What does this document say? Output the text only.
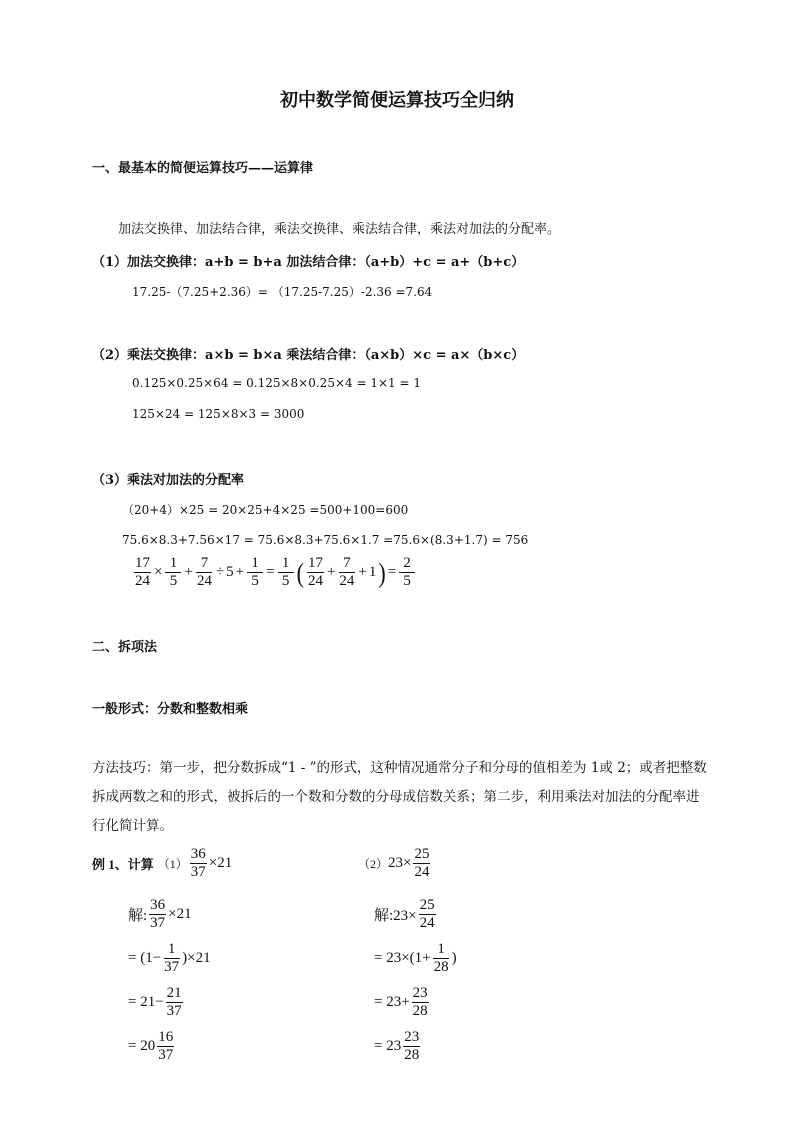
初中数学简便运算技巧全归纳
一、最基本的简便运算技巧——运算律
加法交换律、加法结合律，乘法交换律、乘法结合律，乘法对加法的分配率。
（1）加法交换律：a+b = b+a 加法结合律：（a+b）+c = a+（b+c）
17.25-（7.25+2.36）= （17.25-7.25）-2.36 =7.64
（2）乘法交换律：a×b = b×a 乘法结合律：（a×b）×c = a×（b×c）
0.125×0.25×64 = 0.125×8×0.25×4 = 1×1 = 1
125×24 = 125×8×3 = 3000
（3）乘法对加法的分配率
（20+4）×25 = 20×25+4×25 =500+100=600
75.6×8.3+7.56×17 = 75.6×8.3+75.6×1.7 =75.6×(8.3+1.7) = 756
$\frac{17}{24} \times \frac{1}{5} + \frac{7}{24} \div 5 + \frac{1}{5} = \frac{1}{5}$ ( $\frac{17}{24} + \frac{7}{24} + 1$ ) = $\frac{2}{5}$
二、拆项法
一般形式：分数和整数相乘
方法技巧：第一步，把分数拆成“1 - ”的形式，这种情况通常分子和分母的值相差为 1或 2；或者把整数拆成两数之和的形式，被拆后的一个数和分数的分母成倍数关系；第二步，利用乘法对加法的分配率进行化简计算。
例 1、计算 $(1) \frac{36}{37} \times 21$	（2） $23 \times \frac{25}{24}$
解: $\frac{36}{37} \times 21$
= $(1- \frac{1}{37} )\times 21$
= $21- \frac{21}{37}$
= $20 \frac{16}{37}$
解:23× $\frac{25}{24}$
= $23\times(1+ \frac{1}{28}$ )
= $23+ \frac{23}{28}$
= $23 \frac{23}{28}$
